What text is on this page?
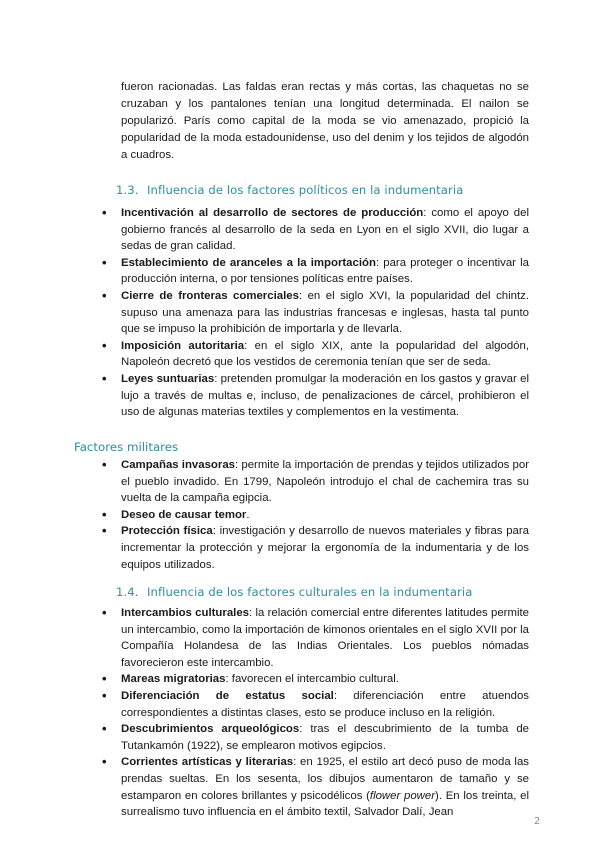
fueron racionadas. Las faldas eran rectas y más cortas, las chaquetas no se cruzaban y los pantalones tenían una longitud determinada. El nailon se popularizó. París como capital de la moda se vio amenazado, propició la popularidad de la moda estadounidense, uso del denim y los tejidos de algodón a cuadros.
1.3. Influencia de los factores políticos en la indumentaria
• Incentivación al desarrollo de sectores de producción: como el apoyo del gobierno francés al desarrollo de la seda en Lyon en el siglo XVII, dio lugar a sedas de gran calidad.
• Establecimiento de aranceles a la importación: para proteger o incentivar la producción interna, o por tensiones políticas entre países.
• Cierre de fronteras comerciales: en el siglo XVI, la popularidad del chintz. supuso una amenaza para las industrias francesas e inglesas, hasta tal punto que se impuso la prohibición de importarla y de llevarla.
• Imposición autoritaria: en el siglo XIX, ante la popularidad del algodón, Napoleón decretó que los vestidos de ceremonia tenían que ser de seda.
• Leyes suntuarias: pretenden promulgar la moderación en los gastos y gravar el lujo a través de multas e, incluso, de penalizaciones de cárcel, prohibieron el uso de algunas materias textiles y complementos en la vestimenta.
Factores militares
• Campañas invasoras: permite la importación de prendas y tejidos utilizados por el pueblo invadido. En 1799, Napoleón introdujo el chal de cachemira tras su vuelta de la campaña egipcia.
• Deseo de causar temor.
• Protección física: investigación y desarrollo de nuevos materiales y fibras para incrementar la protección y mejorar la ergonomía de la indumentaria y de los equipos utilizados.
1.4. Influencia de los factores culturales en la indumentaria
• Intercambios culturales: la relación comercial entre diferentes latitudes permite un intercambio, como la importación de kimonos orientales en el siglo XVII por la Compañía Holandesa de las Indias Orientales. Los pueblos nómadas favorecieron este intercambio.
• Mareas migratorias: favorecen el intercambio cultural.
• Diferenciación de estatus social: diferenciación entre atuendos correspondientes a distintas clases, esto se produce incluso en la religión.
• Descubrimientos arqueológicos: tras el descubrimiento de la tumba de Tutankamón (1922), se emplearon motivos egipcios.
• Corrientes artísticas y literarias: en 1925, el estilo art decó puso de moda las prendas sueltas. En los sesenta, los dibujos aumentaron de tamaño y se estamparon en colores brillantes y psicodélicos (flower power). En los treinta, el surrealismo tuvo influencia en el ámbito textil, Salvador Dalí, Jean
2
